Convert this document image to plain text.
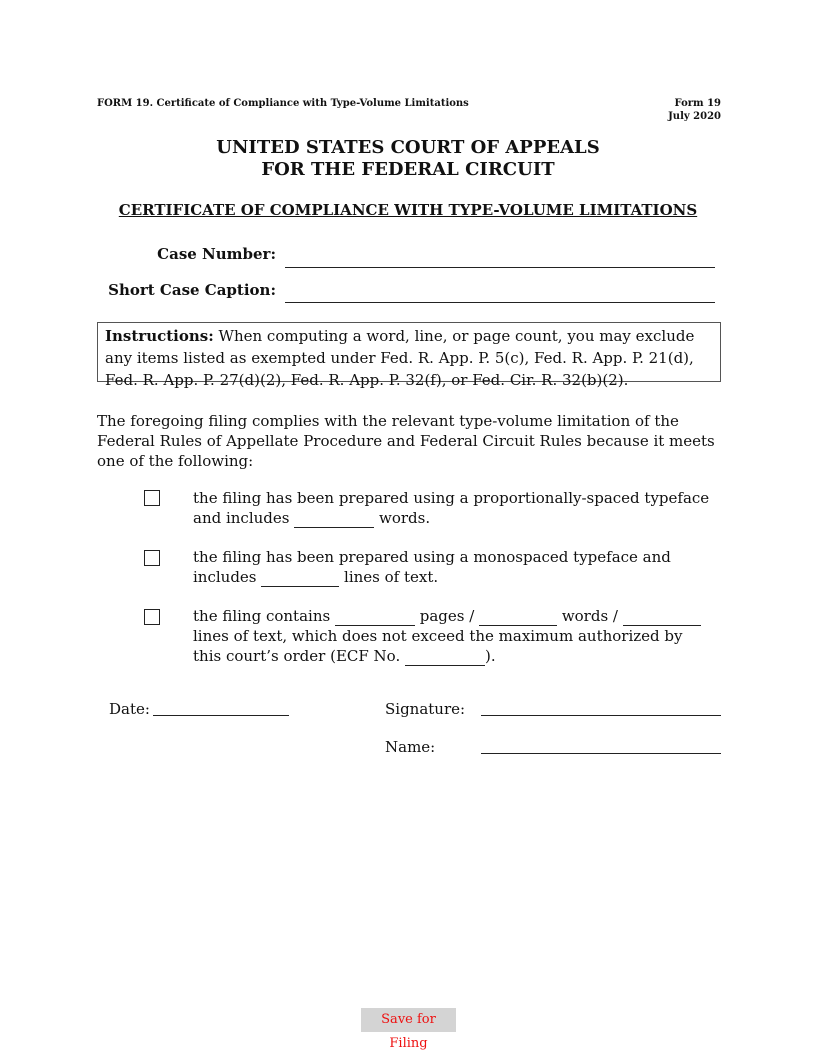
FORM 19. Certificate of Compliance with Type-Volume Limitations	Form 19
July 2020
UNITED STATES COURT OF APPEALS
FOR THE FEDERAL CIRCUIT
CERTIFICATE OF COMPLIANCE WITH TYPE-VOLUME LIMITATIONS
Case Number:
Short Case Caption:
Instructions: When computing a word, line, or page count, you may exclude any items listed as exempted under Fed. R. App. P. 5(c), Fed. R. App. P. 21(d), Fed. R. App. P. 27(d)(2), Fed. R. App. P. 32(f), or Fed. Cir. R. 32(b)(2).
The foregoing filing complies with the relevant type-volume limitation of the Federal Rules of Appellate Procedure and Federal Circuit Rules because it meets one of the following:
the filing has been prepared using a proportionally-spaced typeface and includes	words.
the filing has been prepared using a monospaced typeface and includes	lines of text.
the filing contains	pages /	words /  lines of text, which does not exceed the maximum authorized by this court’s order (ECF No.	).
Date:	Signature:
Name:
Save for Filing
